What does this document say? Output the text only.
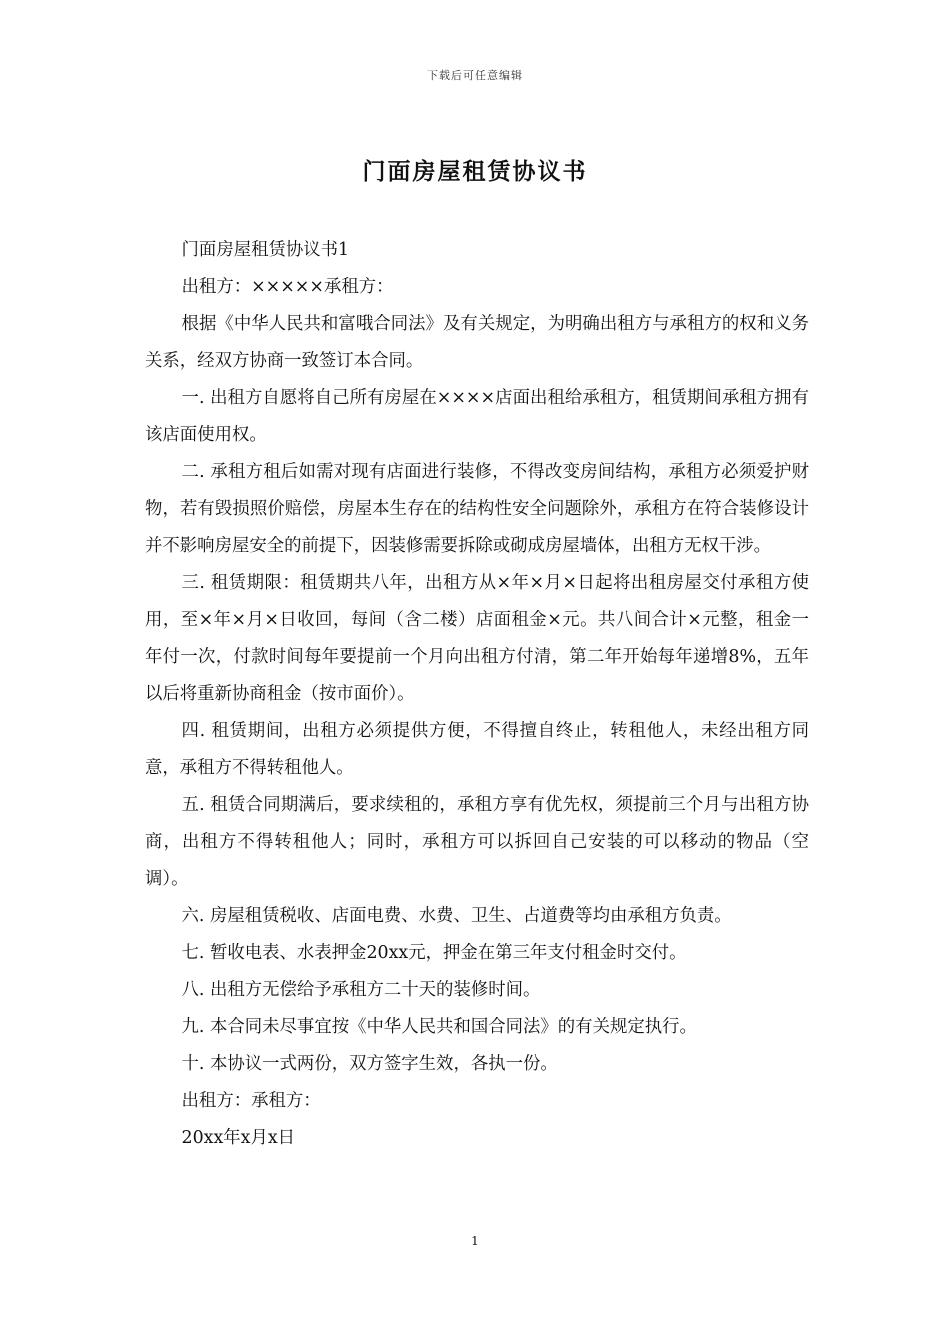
下载后可任意编辑
门面房屋租赁协议书

门面房屋租赁协议书1

出租方：×××××承租方：

根据《中华人民共和富哦合同法》及有关规定，为明确出租方与承租方的权和义务关系，经双方协商一致签订本合同。

一. 出租方自愿将自己所有房屋在××××店面出租给承租方，租赁期间承租方拥有该店面使用权。

二. 承租方租后如需对现有店面进行装修，不得改变房间结构，承租方必须爱护财物，若有毁损照价赔偿，房屋本生存在的结构性安全问题除外，承租方在符合装修设计并不影响房屋安全的前提下，因装修需要拆除或砌成房屋墙体，出租方无权干涉。

三. 租赁期限：租赁期共八年，出租方从×年×月×日起将出租房屋交付承租方使用，至×年×月×日收回，每间（含二楼）店面租金×元。共八间合计×元整，租金一年付一次，付款时间每年要提前一个月向出租方付清，第二年开始每年递增8%，五年以后将重新协商租金（按市面价）。

四. 租赁期间，出租方必须提供方便，不得擅自终止，转租他人，未经出租方同意，承租方不得转租他人。

五. 租赁合同期满后，要求续租的，承租方享有优先权，须提前三个月与出租方协商，出租方不得转租他人；同时，承租方可以拆回自己安装的可以移动的物品（空调）。

六. 房屋租赁税收、店面电费、水费、卫生、占道费等均由承租方负责。

七. 暂收电表、水表押金20xx元，押金在第三年支付租金时交付。

八. 出租方无偿给予承租方二十天的装修时间。

九. 本合同未尽事宜按《中华人民共和国合同法》的有关规定执行。

十. 本协议一式两份，双方签字生效，各执一份。

出租方：承租方：

20xx年x月x日

1
